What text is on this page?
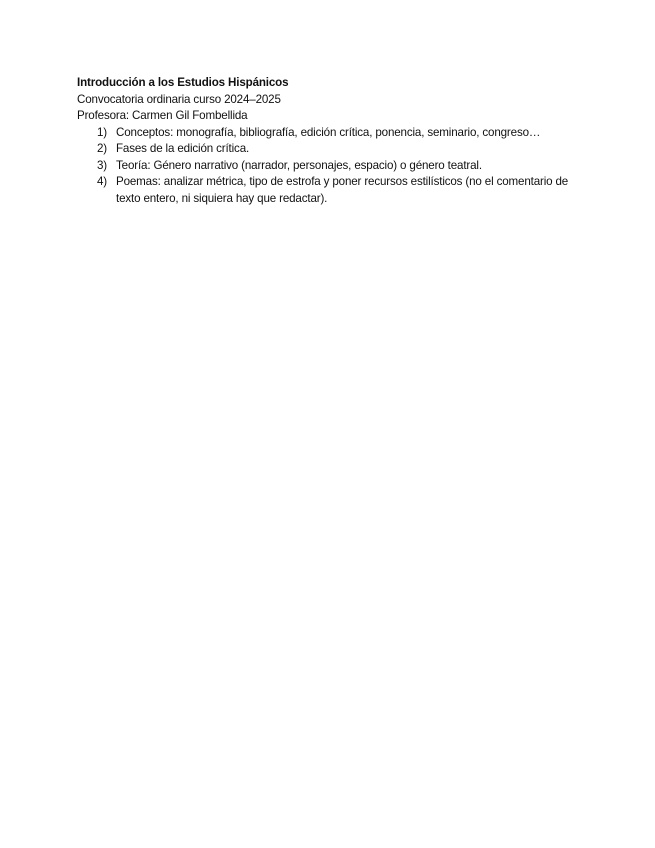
Introducción a los Estudios Hispánicos

Convocatoria ordinaria curso 2024–2025

Profesora: Carmen Gil Fombellida

1) Conceptos: monografía, bibliografía, edición crítica, ponencia, seminario, congreso…
2) Fases de la edición crítica.
3) Teoría: Género narrativo (narrador, personajes, espacio) o género teatral.
4) Poemas: analizar métrica, tipo de estrofa y poner recursos estilísticos (no el comentario de texto entero, ni siquiera hay que redactar).
